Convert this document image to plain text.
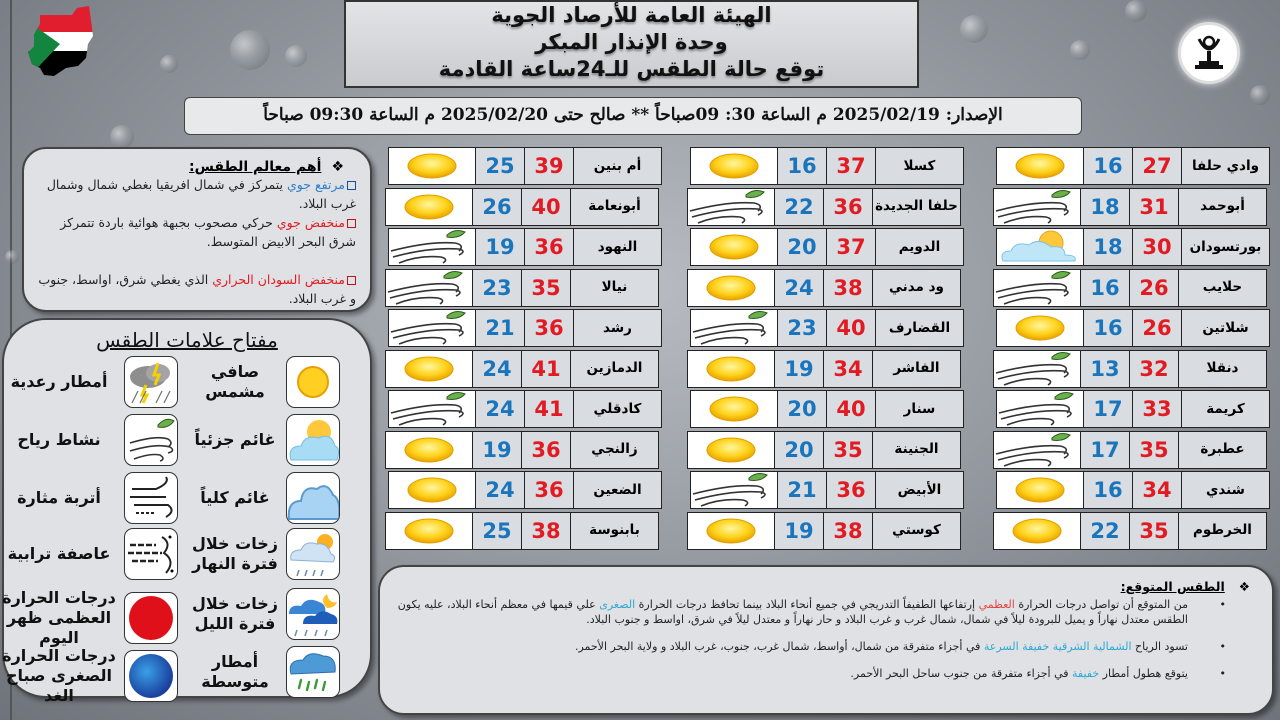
الهيئة العامة للأرصاد الجوية
وحدة الإنذار المبكر
توقع حالة الطقس للـ24ساعة القادمة
الإصدار: 2025/02/19 م الساعة 30: 09صباحاً ** صالح حتى 2025/02/20 م الساعة 09:30 صباحاً
❖أهم معالم الطقس:

مرتفع جوي يتمركز في شمال افريقيا بغطي شمال وشمال غرب البلاد.

منخفض جوي حركي مصحوب بجبهة هوائية باردة تتمركز شرق البحر الابيض المتوسط.

منخفض السودان الحراري الذي يغطي شرق، اواسط، جنوب و غرب البلاد.

مفتاح علامات الطقس
صافي مشمس
أمطار رعدية
غائم جزئياً
نشاط رياح
غائم كلياً
أتربة مثارة
زخات خلال فترة النهار
عاصفة ترابية
زخات خلال فترة الليل
درجات الحرارة العظمى ظهر اليوم
أمطار متوسطة
درجات الحرارة الصغرى صباح الغد
وادي حلفا
27
16
أبوحمد
31
18
بورتسودان
30
18
حلايب
26
16
شلاتين
26
16
دنقلا
32
13
كريمة
33
17
عطبرة
35
17
شندي
34
16
الخرطوم
35
22
كسلا
37
16
حلفا الجديدة
36
22
الدويم
37
20
ود مدني
38
24
القضارف
40
23
الفاشر
34
19
سنار
40
20
الجنينة
35
20
الأبيض
36
21
كوستي
38
19
أم بنين
39
25
أبونعامة
40
26
النهود
36
19
نيالا
35
23
رشد
36
21
الدمازين
41
24
كادقلي
41
24
زالنجي
36
19
الضعين
36
24
بابنوسة
38
25
❖الطقس المتوقع:
• من المتوقع أن تواصل درجات الحرارة العظمي إرتفاعها الطفيفاً التدريجي في جميع أنحاء البلاد بينما تحافظ درجات الحرارة الصغرى علي قيمها في معظم أنحاء البلاد، عليه يكون الطقس معتدل نهاراً و يميل للبرودة ليلاً في شمال، شمال غرب و غرب البلاد و حار نهاراً و معتدل ليلاً في شرق، اواسط و جنوب البلاد.
• تسود الرياح الشمالية الشرقية خفيفة السرعة في أجزاء متفرقة من شمال، أواسط، شمال غرب، جنوب، غرب البلاد و ولاية البحر الأحمر.
• يتوقع هطول أمطار خفيفة في أجزاء متفرقة من جنوب ساحل البحر الأحمر.
